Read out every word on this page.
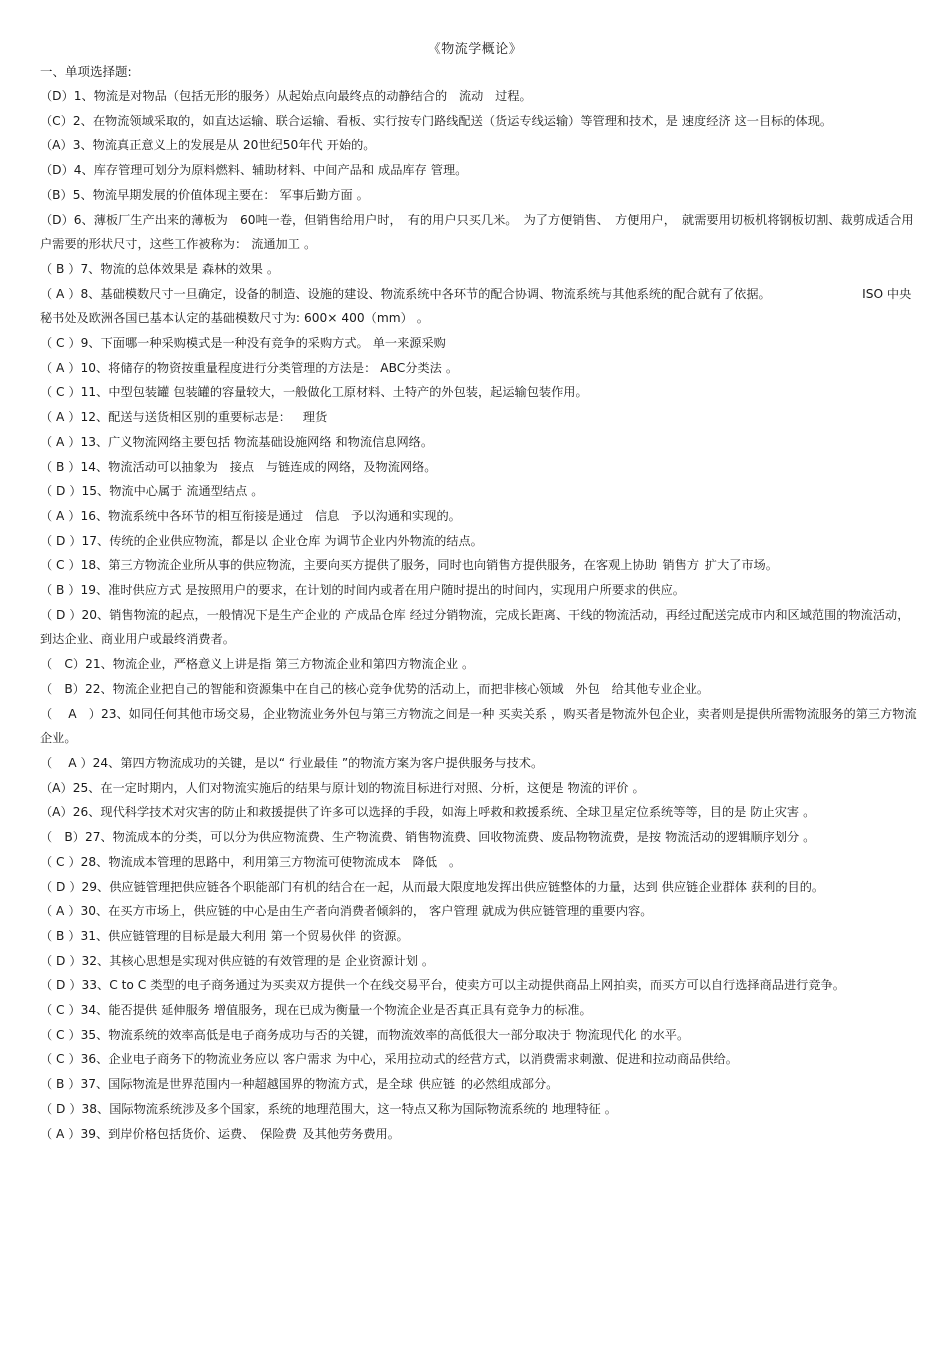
《物流学概论》
一、单项选择题:

（D）1、物流是对物品（包括无形的服务）从起始点向最终点的动静结合的 流动 过程。

（C）2、在物流领域采取的，如直达运输、联合运输、看板、实行按专门路线配送（货运专线运输）等管理和技术，是 速度经济 这一目标的体现。

（A）3、物流真正意义上的发展是从 20世纪50年代 开始的。

（D）4、库存管理可划分为原料燃料、辅助材料、中间产品和 成品库存 管理。

（B）5、物流早期发展的价值体现主要在： 军事后勤方面 。

（D）6、薄板厂生产出来的薄板为　60吨一卷，但销售给用户时，　有的用户只买几米。　为了方便销售、　方便用户，　就需要用切板机将钢板切割、裁剪成适合用户需要的形状尺寸，这些工作被称为： 流通加工 。

（ B ）7、物流的总体效果是 森林的效果 。

（ A ）8、基础模数尺寸一旦确定，设备的制造、设施的建设、物流系统中各环节的配合协调、物流系统与其他系统的配合就有了依据。　　　　　　　　ISO 中央秘书处及欧洲各国已基本认定的基础模数尺寸为: 600× 400（mm） 。

（ C ）9、下面哪一种采购模式是一种没有竞争的采购方式。 单一来源采购

（ A ）10、将储存的物资按重量程度进行分类管理的方法是： ABC分类法 。

（ C ）11、中型包装罐 包装罐的容量较大，一般做化工原材料、土特产的外包装，起运输包装作用。

（ A ）12、配送与送货相区别的重要标志是： 理货

（ A ）13、广义物流网络主要包括 物流基础设施网络 和物流信息网络。

（ B ）14、物流活动可以抽象为 接点 与链连成的网络，及物流网络。

（ D ）15、物流中心属于 流通型结点 。

（ A ）16、物流系统中各环节的相互衔接是通过 信息 予以沟通和实现的。

（ D ）17、传统的企业供应物流，都是以 企业仓库 为调节企业内外物流的结点。

（ C ）18、第三方物流企业所从事的供应物流，主要向买方提供了服务，同时也向销售方提供服务，在客观上协助 销售方 扩大了市场。

（ B ）19、准时供应方式 是按照用户的要求，在计划的时间内或者在用户随时提出的时间内，实现用户所要求的供应。

（ D ）20、销售物流的起点，一般情况下是生产企业的 产成品仓库 经过分销物流，完成长距离、干线的物流活动，再经过配送完成市内和区域范围的物流活动，到达企业、商业用户或最终消费者。

（　C）21、物流企业，严格意义上讲是指 第三方物流企业和第四方物流企业 。

（　B）22、物流企业把自己的智能和资源集中在自己的核心竞争优势的活动上，而把非核心领域 外包 给其他专业企业。

（　 A　）23、如同任何其他市场交易，企业物流业务外包与第三方物流之间是一种 买卖关系 ，购买者是物流外包企业，卖者则是提供所需物流服务的第三方物流企业。

（　 A ）24、第四方物流成功的关键，是以“ 行业最佳 ”的物流方案为客户提供服务与技术。

（A）25、在一定时期内，人们对物流实施后的结果与原计划的物流目标进行对照、分析，这便是 物流的评价 。

（A）26、现代科学技术对灾害的防止和救援提供了许多可以选择的手段，如海上呼救和救援系统、全球卫星定位系统等等，目的是 防止灾害 。

（　B）27、物流成本的分类，可以分为供应物流费、生产物流费、销售物流费、回收物流费、废品物物流费，是按 物流活动的逻辑顺序划分 。

（ C ）28、物流成本管理的思路中，利用第三方物流可使物流成本 降低 。

（ D ）29、供应链管理把供应链各个职能部门有机的结合在一起，从而最大限度地发挥出供应链整体的力量，达到 供应链企业群体 获利的目的。

（ A ）30、在买方市场上，供应链的中心是由生产者向消费者倾斜的， 客户管理 就成为供应链管理的重要内容。

（ B ）31、供应链管理的目标是最大利用 第一个贸易伙伴 的资源。

（ D ）32、其核心思想是实现对供应链的有效管理的是 企业资源计划 。

（ D ）33、C to C 类型的电子商务通过为买卖双方提供一个在线交易平台，使卖方可以主动提供商品上网拍卖，而买方可以自行选择商品进行竞争。

（ C ）34、能否提供 延伸服务 增值服务，现在已成为衡量一个物流企业是否真正具有竞争力的标准。

（ C ）35、物流系统的效率高低是电子商务成功与否的关键，而物流效率的高低很大一部分取决于 物流现代化 的水平。

（ C ）36、企业电子商务下的物流业务应以 客户需求 为中心，采用拉动式的经营方式，以消费需求刺激、促进和拉动商品供给。

（ B ）37、国际物流是世界范围内一种超越国界的物流方式，是全球 供应链 的必然组成部分。

（ D ）38、国际物流系统涉及多个国家，系统的地理范围大，这一特点又称为国际物流系统的 地理特征 。

（ A ）39、到岸价格包括货价、运费、 保险费 及其他劳务费用。
